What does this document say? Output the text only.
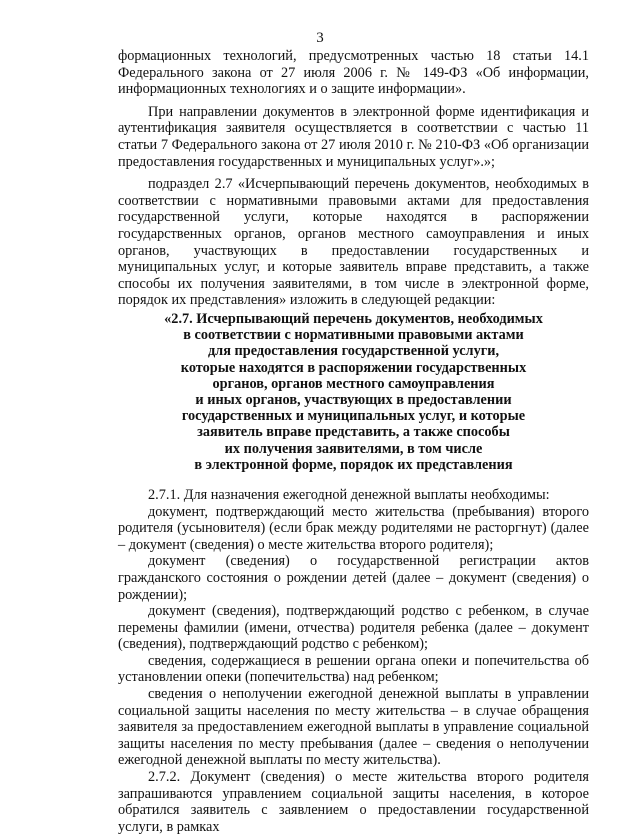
3

формационных технологий, предусмотренных частью 18 статьи 14.1 Федерального закона от 27 июля 2006 г. № 149-ФЗ «Об информации, информационных технологиях и о защите информации».

При направлении документов в электронной форме идентификация и аутентификация заявителя осуществляется в соответствии с частью 11 статьи 7 Федерального закона от 27 июля 2010 г. № 210-ФЗ «Об организации предоставления государственных и муниципальных услуг».»;

подраздел 2.7 «Исчерпывающий перечень документов, необходимых в соответствии с нормативными правовыми актами для предоставления государственной услуги, которые находятся в распоряжении государственных органов, органов местного самоуправления и иных органов, участвующих в предоставлении государственных и муниципальных услуг, и которые заявитель вправе представить, а также способы их получения заявителями, в том числе в электронной форме, порядок их представления» изложить в следующей редакции:

«2.7. Исчерпывающий перечень документов, необходимых
в соответствии с нормативными правовыми актами
для предоставления государственной услуги,
которые находятся в распоряжении государственных
органов, органов местного самоуправления
и иных органов, участвующих в предоставлении
государственных и муниципальных услуг, и которые
заявитель вправе представить, а также способы
их получения заявителями, в том числе
в электронной форме, порядок их представления

2.7.1. Для назначения ежегодной денежной выплаты необходимы:

документ, подтверждающий место жительства (пребывания) второго родителя (усыновителя) (если брак между родителями не расторгнут) (далее – документ (сведения) о месте жительства второго родителя);

документ (сведения) о государственной регистрации актов гражданского состояния о рождении детей (далее – документ (сведения) о рождении);

документ (сведения), подтверждающий родство с ребенком, в случае перемены фамилии (имени, отчества) родителя ребенка (далее – документ (сведения), подтверждающий родство с ребенком);

сведения, содержащиеся в решении органа опеки и попечительства об установлении опеки (попечительства) над ребенком;

сведения о неполучении ежегодной денежной выплаты в управлении социальной защиты населения по месту жительства – в случае обращения заявителя за предоставлением ежегодной выплаты в управление социальной защиты населения по месту пребывания (далее – сведения о неполучении ежегодной денежной выплаты по месту жительства).

2.7.2. Документ (сведения) о месте жительства второго родителя запрашиваются управлением социальной защиты населения, в которое обратился заявитель с заявлением о предоставлении государственной услуги, в рамках
